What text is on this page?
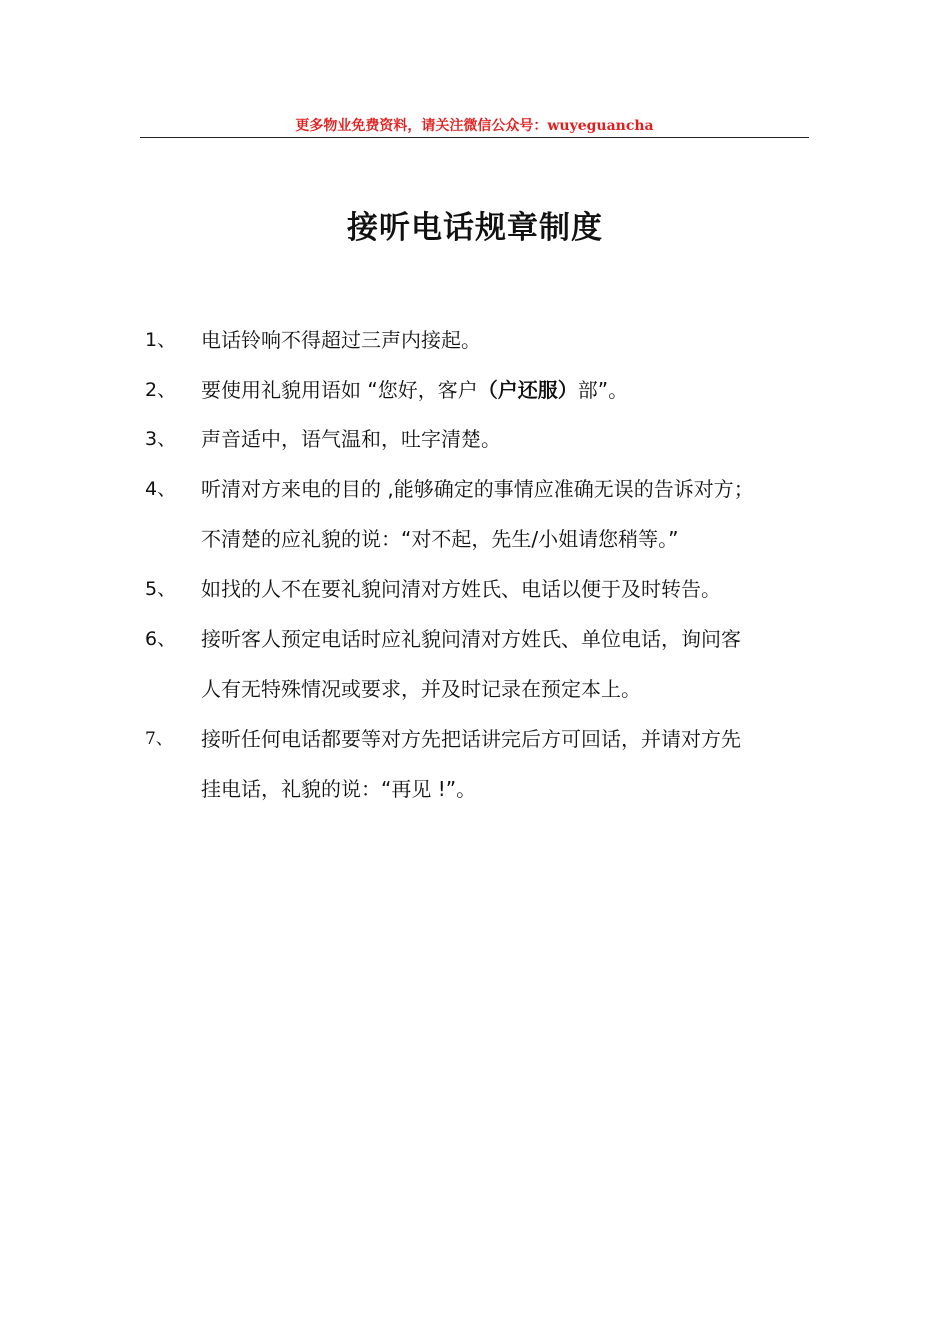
更多物业免费资料，请关注微信公众号：wuyeguancha
接听电话规章制度
1、 电话铃响不得超过三声内接起。
2、 要使用礼貌用语如 “您好，客户（户还服）部”。
3、 声音适中，语气温和，吐字清楚。
4、 听清对方来电的目的 ,能够确定的事情应准确无误的告诉对方；
不清楚的应礼貌的说：“对不起，先生/小姐请您稍等。”
5、 如找的人不在要礼貌问清对方姓氏、电话以便于及时转告。
6、 接听客人预定电话时应礼貌问清对方姓氏、单位电话，询问客
人有无特殊情况或要求，并及时记录在预定本上。
7、 接听任何电话都要等对方先把话讲完后方可回话，并请对方先
挂电话，礼貌的说：“再见 !”。
